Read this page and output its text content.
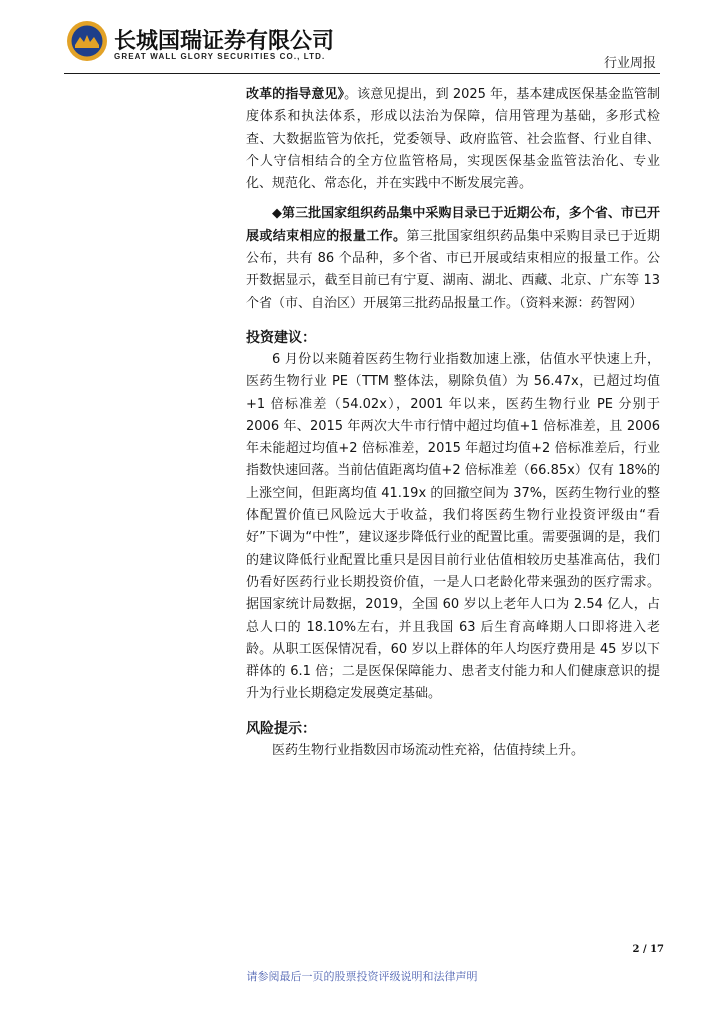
长城国瑞证券有限公司
GREAT WALL GLORY SECURITIES CO., LTD.	行业周报

改革的指导意见》。该意见提出，到 2025 年，基本建成医保基金监管制度体系和执法体系，形成以法治为保障，信用管理为基础，多形式检查、大数据监管为依托，党委领导、政府监管、社会监督、行业自律、个人守信相结合的全方位监管格局，实现医保基金监管法治化、专业化、规范化、常态化，并在实践中不断发展完善。

◆第三批国家组织药品集中采购目录已于近期公布，多个省、市已开展或结束相应的报量工作。第三批国家组织药品集中采购目录已于近期公布，共有 86 个品种，多个省、市已开展或结束相应的报量工作。公开数据显示，截至目前已有宁夏、湖南、湖北、西藏、北京、广东等 13 个省（市、自治区）开展第三批药品报量工作。（资料来源：药智网）

投资建议：

6 月份以来随着医药生物行业指数加速上涨，估值水平快速上升，医药生物行业 PE（TTM 整体法，剔除负值）为 56.47x，已超过均值+1 倍标准差（54.02x），2001 年以来，医药生物行业 PE 分别于 2006 年、2015 年两次大牛市行情中超过均值+1 倍标准差，且 2006 年未能超过均值+2 倍标准差，2015 年超过均值+2 倍标准差后，行业指数快速回落。当前估值距离均值+2 倍标准差（66.85x）仅有 18%的上涨空间，但距离均值 41.19x 的回撤空间为 37%，医药生物行业的整体配置价值已风险远大于收益，我们将医药生物行业投资评级由“看好”下调为“中性”，建议逐步降低行业的配置比重。需要强调的是，我们的建议降低行业配置比重只是因目前行业估值相较历史基准高估，我们仍看好医药行业长期投资价值，一是人口老龄化带来强劲的医疗需求。据国家统计局数据，2019，全国 60 岁以上老年人口为 2.54 亿人，占总人口的 18.10%左右，并且我国 63 后生育高峰期人口即将进入老龄。从职工医保情况看，60 岁以上群体的年人均医疗费用是 45 岁以下群体的 6.1 倍；二是医保保障能力、患者支付能力和人们健康意识的提升为行业长期稳定发展奠定基础。

风险提示：

医药生物行业指数因市场流动性充裕，估值持续上升。

2 / 17
请参阅最后一页的股票投资评级说明和法律声明
